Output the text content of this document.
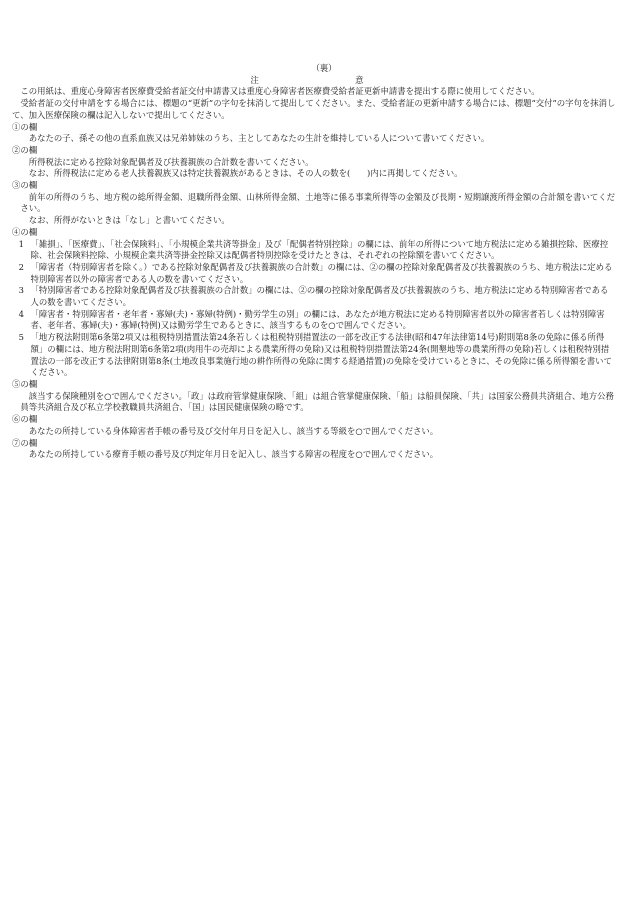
（裏）
注　意

この用紙は、重度心身障害者医療費受給者証交付申請書又は重度心身障害者医療費受給者証更新申請書を提出する際に使用してください。

受給者証の交付申請をする場合には、標題の“更新”の字句を抹消して提出してください。また、受給者証の更新申請する場合には、標題“交付”の字句を抹消して、加入医療保険の欄は記入しないで提出してください。

①の欄

あなたの子、孫その他の直系血族又は兄弟姉妹のうち、主としてあなたの生計を維持している人について書いてください。

②の欄

所得税法に定める控除対象配偶者及び扶養親族の合計数を書いてください。

なお、所得税法に定める老人扶養親族又は特定扶養親族があるときは、その人の数を(　　)内に再掲してください。

③の欄

前年の所得のうち、地方税の総所得金額、退職所得金額、山林所得金額、土地等に係る事業所得等の金額及び長期・短期譲渡所得金額の合計額を書いてください。

なお、所得がないときは「なし」と書いてください。

④の欄

1 「雑損」、「医療費」、「社会保険料」、「小規模企業共済等掛金」及び「配偶者特別控除」の欄には、前年の所得について地方税法に定める雑損控除、医療控除、社会保険料控除、小規模企業共済等掛金控除又は配偶者特別控除を受けたときは、それぞれの控除額を書いてください。
2 「障害者（特別障害者を除く。）である控除対象配偶者及び扶養親族の合計数」の欄には、②の欄の控除対象配偶者及び扶養親族のうち、地方税法に定める特別障害者以外の障害者である人の数を書いてください。
3 「特別障害者である控除対象配偶者及び扶養親族の合計数」の欄には、②の欄の控除対象配偶者及び扶養親族のうち、地方税法に定める特別障害者である人の数を書いてください。
4 「障害者・特別障害者・老年者・寡婦(夫)・寡婦(特例)・勤労学生の別」の欄には、あなたが地方税法に定める特別障害者以外の障害者若しくは特別障害者、老年者、寡婦(夫)・寡婦(特例)又は勤労学生であるときに、該当するものを○で囲んでください。
5 「地方税法附則第6条第2項又は租税特別措置法第24条若しくは租税特別措置法の一部を改正する法律(昭和47年法律第14号)附則第8条の免除に係る所得額」の欄には、地方税法附則第6条第2項(肉用牛の売却による農業所得の免除)又は租税特別措置法第24条(開墾地等の農業所得の免除)若しくは租税特別措置法の一部を改正する法律附則第8条(土地改良事業施行地の耕作所得の免除に関する経過措置)の免除を受けているときに、その免除に係る所得額を書いてください。

⑤の欄

該当する保険種別を○で囲んでください。「政」は政府管掌健康保険、「組」は組合管掌健康保険、「船」は船員保険、「共」は国家公務員共済組合、地方公務員等共済組合及び私立学校教職員共済組合、「国」は国民健康保険の略です。

⑥の欄

あなたの所持している身体障害者手帳の番号及び交付年月日を記入し、該当する等級を○で囲んでください。

⑦の欄

あなたの所持している療育手帳の番号及び判定年月日を記入し、該当する障害の程度を○で囲んでください。
